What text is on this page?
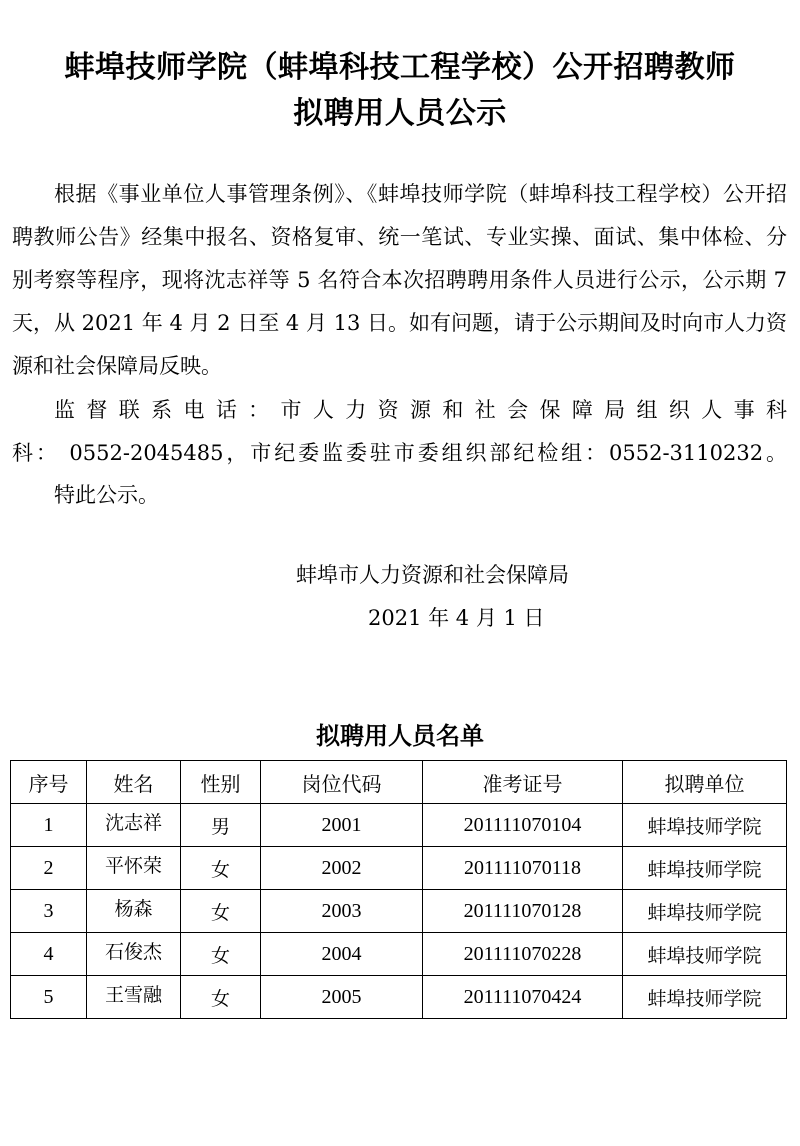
蚌埠技师学院（蚌埠科技工程学校）公开招聘教师
拟聘用人员公示
根据《事业单位人事管理条例》、《蚌埠技师学院（蚌埠科技工程学校）公开招聘教师公告》经集中报名、资格复审、统一笔试、专业实操、面试、集中体检、分别考察等程序，现将沈志祥等 5 名符合本次招聘聘用条件人员进行公示，公示期 7 天，从 2021 年 4 月 2 日至 4 月 13 日。如有问题，请于公示期间及时向市人力资源和社会保障局反映。
监督联系电话：市人力资源和社会保障局组织人事科
科： 0552-2045485，市纪委监委驻市委组织部纪检组：0552-3110232。
特此公示。
蚌埠市人力资源和社会保障局
2021 年 4 月 1 日
拟聘用人员名单
序号	姓名	性别	岗位代码	准考证号	拟聘单位
1	沈志祥	男	2001	201111070104	蚌埠技师学院
2	平怀荣	女	2002	201111070118	蚌埠技师学院
3	杨森	女	2003	201111070128	蚌埠技师学院
4	石俊杰	女	2004	201111070228	蚌埠技师学院
5	王雪融	女	2005	201111070424	蚌埠技师学院
